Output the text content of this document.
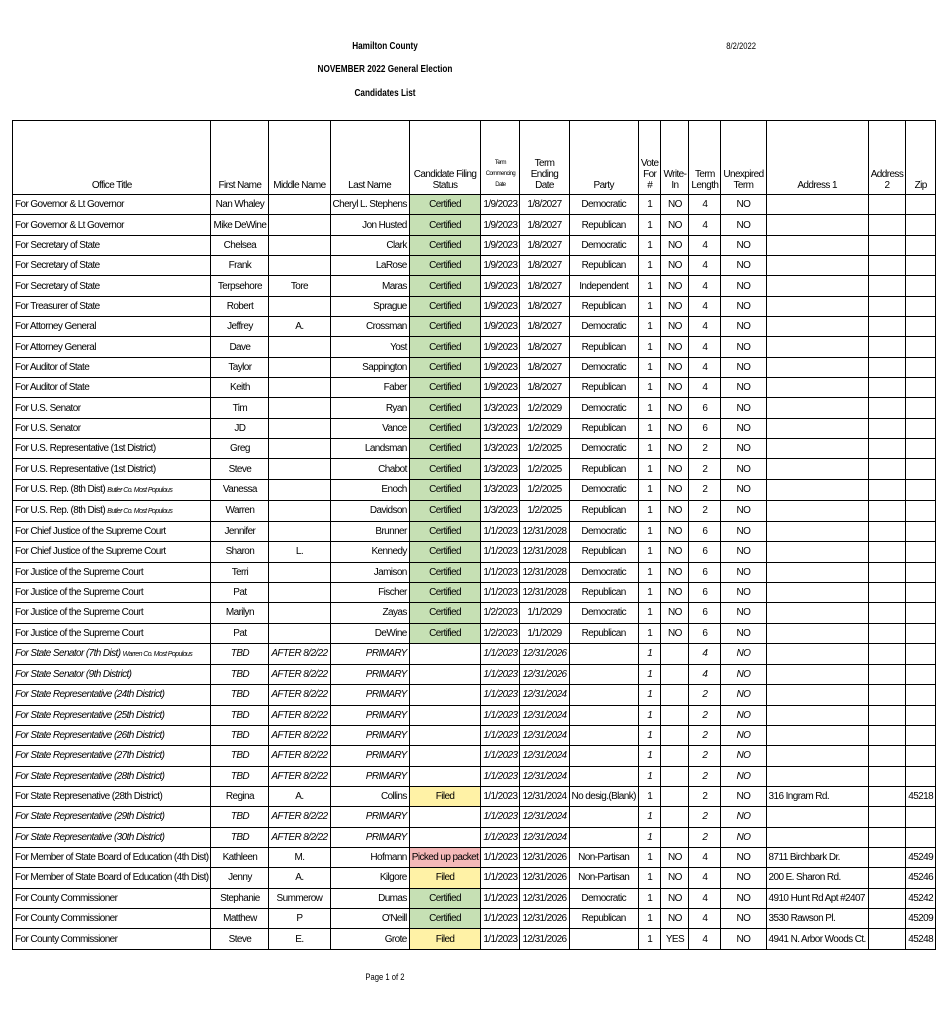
Hamilton County
NOVEMBER 2022 General Election
Candidates List
8/2/2022
Office Title	First Name	Middle Name	Last Name	Candidate Filing Status	Term Commencing Date	Term Ending Date	Party	Vote For #	Write-In	Term Length	Unexpired Term	Address 1	Address 2	Zip
For Governor & Lt Governor	Nan Whaley		Cheryl L. Stephens	Certified	1/9/2023	1/8/2027	Democratic	1	NO	4	NO			
For Governor & Lt Governor	Mike DeWine		Jon Husted	Certified	1/9/2023	1/8/2027	Republican	1	NO	4	NO			
For Secretary of State	Chelsea		Clark	Certified	1/9/2023	1/8/2027	Democratic	1	NO	4	NO			
For Secretary of State	Frank		LaRose	Certified	1/9/2023	1/8/2027	Republican	1	NO	4	NO			
For Secretary of State	Terpsehore	Tore	Maras	Certified	1/9/2023	1/8/2027	Independent	1	NO	4	NO			
For Treasurer of State	Robert		Sprague	Certified	1/9/2023	1/8/2027	Republican	1	NO	4	NO			
For Attorney General	Jeffrey	A.	Crossman	Certified	1/9/2023	1/8/2027	Democratic	1	NO	4	NO			
For Attorney General	Dave		Yost	Certified	1/9/2023	1/8/2027	Republican	1	NO	4	NO			
For Auditor of State	Taylor		Sappington	Certified	1/9/2023	1/8/2027	Democratic	1	NO	4	NO			
For Auditor of State	Keith		Faber	Certified	1/9/2023	1/8/2027	Republican	1	NO	4	NO			
For U.S. Senator	Tim		Ryan	Certified	1/3/2023	1/2/2029	Democratic	1	NO	6	NO			
For U.S. Senator	JD		Vance	Certified	1/3/2023	1/2/2029	Republican	1	NO	6	NO			
For U.S. Representative (1st District)	Greg		Landsman	Certified	1/3/2023	1/2/2025	Democratic	1	NO	2	NO			
For U.S. Representative (1st District)	Steve		Chabot	Certified	1/3/2023	1/2/2025	Republican	1	NO	2	NO			
For U.S. Rep. (8th Dist) Butler Co. Most Populous	Vanessa		Enoch	Certified	1/3/2023	1/2/2025	Democratic	1	NO	2	NO			
For U.S. Rep. (8th Dist) Butler Co. Most Populous	Warren		Davidson	Certified	1/3/2023	1/2/2025	Republican	1	NO	2	NO			
For Chief Justice of the Supreme Court	Jennifer		Brunner	Certified	1/1/2023	12/31/2028	Democratic	1	NO	6	NO			
For Chief Justice of the Supreme Court	Sharon	L.	Kennedy	Certified	1/1/2023	12/31/2028	Republican	1	NO	6	NO			
For Justice of the Supreme Court	Terri		Jamison	Certified	1/1/2023	12/31/2028	Democratic	1	NO	6	NO			
For Justice of the Supreme Court	Pat		Fischer	Certified	1/1/2023	12/31/2028	Republican	1	NO	6	NO			
For Justice of the Supreme Court	Marilyn		Zayas	Certified	1/2/2023	1/1/2029	Democratic	1	NO	6	NO			
For Justice of the Supreme Court	Pat		DeWine	Certified	1/2/2023	1/1/2029	Republican	1	NO	6	NO			
For State Senator (7th Dist) Warren Co. Most Populous	TBD	AFTER 8/2/22	PRIMARY		1/1/2023	12/31/2026		1		4	NO			
For State Senator (9th District)	TBD	AFTER 8/2/22	PRIMARY		1/1/2023	12/31/2026		1		4	NO			
For State Representative (24th District)	TBD	AFTER 8/2/22	PRIMARY		1/1/2023	12/31/2024		1		2	NO			
For State Representative (25th District)	TBD	AFTER 8/2/22	PRIMARY		1/1/2023	12/31/2024		1		2	NO			
For State Representative (26th District)	TBD	AFTER 8/2/22	PRIMARY		1/1/2023	12/31/2024		1		2	NO			
For State Representative (27th District)	TBD	AFTER 8/2/22	PRIMARY		1/1/2023	12/31/2024		1		2	NO			
For State Representative (28th District)	TBD	AFTER 8/2/22	PRIMARY		1/1/2023	12/31/2024		1		2	NO			
For State Represenative (28th District)	Regina	A.	Collins	Filed	1/1/2023	12/31/2024	No desig.(Blank)	1		2	NO	316 Ingram Rd.		45218
For State Representative (29th District)	TBD	AFTER 8/2/22	PRIMARY		1/1/2023	12/31/2024		1		2	NO			
For State Representative (30th District)	TBD	AFTER 8/2/22	PRIMARY		1/1/2023	12/31/2024		1		2	NO			
For Member of State Board of Education (4th Dist)	Kathleen	M.	Hofmann	Picked up packet	1/1/2023	12/31/2026	Non-Partisan	1	NO	4	NO	8711 Birchbark Dr.		45249
For Member of State Board of Education (4th Dist)	Jenny	A.	Kilgore	Filed	1/1/2023	12/31/2026	Non-Partisan	1	NO	4	NO	200 E. Sharon Rd.		45246
For County Commissioner	Stephanie	Summerow	Dumas	Certified	1/1/2023	12/31/2026	Democratic	1	NO	4	NO	4910 Hunt Rd Apt #2407		45242
For County Commissioner	Matthew	P	O'Neill	Certified	1/1/2023	12/31/2026	Republican	1	NO	4	NO	3530 Rawson Pl.		45209
For County Commissioner	Steve	E.	Grote	Filed	1/1/2023	12/31/2026		1	YES	4	NO	4941 N. Arbor Woods Ct.		45248
Page 1 of 2
